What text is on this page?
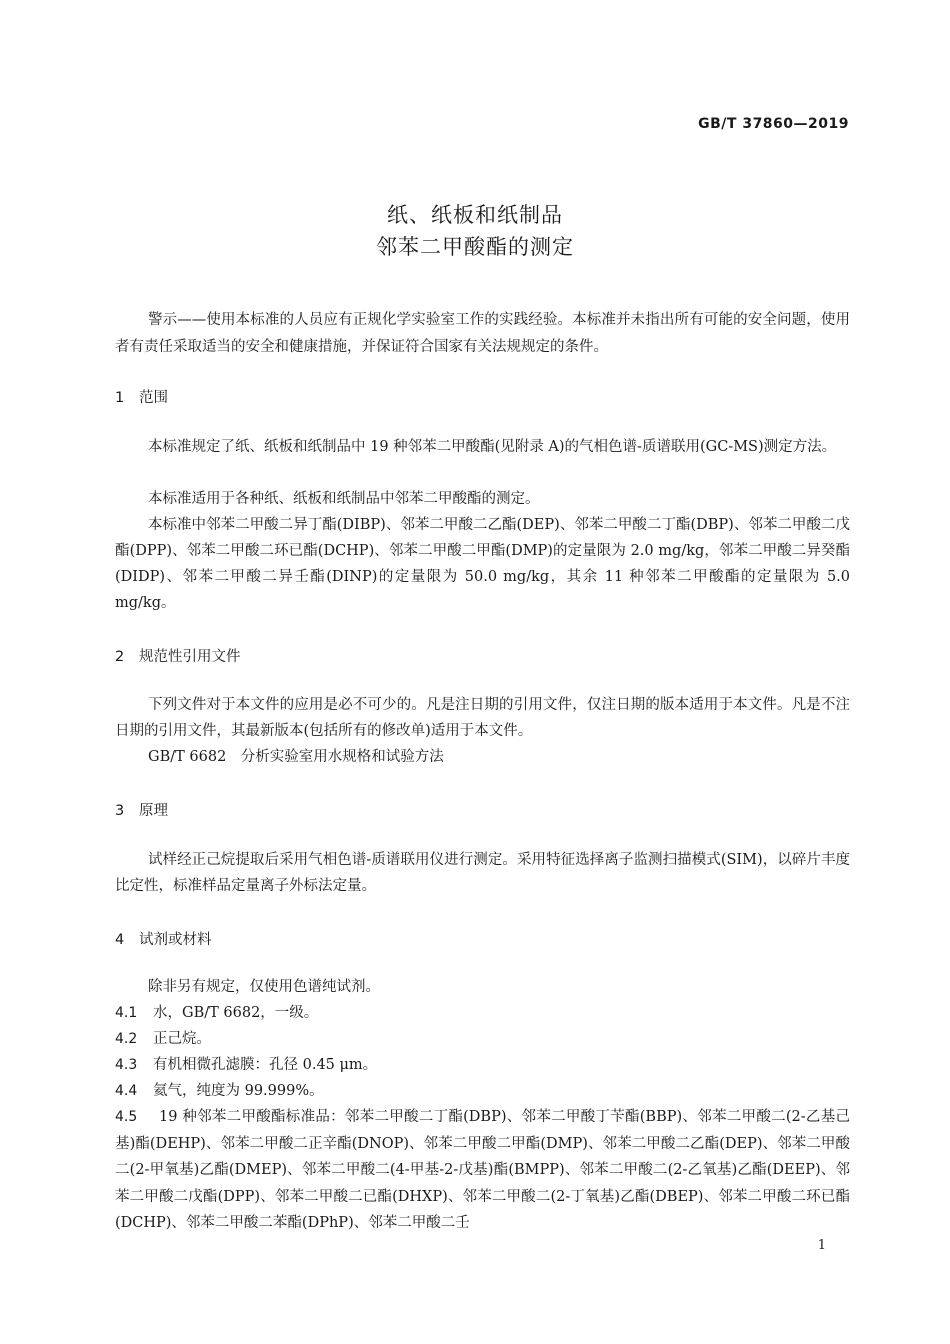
GB/T 37860—2019
纸、纸板和纸制品
邻苯二甲酸酯的测定
警示——使用本标准的人员应有正规化学实验室工作的实践经验。本标准并未指出所有可能的安全问题，使用者有责任采取适当的安全和健康措施，并保证符合国家有关法规规定的条件。
1 范围
本标准规定了纸、纸板和纸制品中 19 种邻苯二甲酸酯(见附录 A)的气相色谱-质谱联用(GC-MS)测定方法。
本标准适用于各种纸、纸板和纸制品中邻苯二甲酸酯的测定。
本标准中邻苯二甲酸二异丁酯(DIBP)、邻苯二甲酸二乙酯(DEP)、邻苯二甲酸二丁酯(DBP)、邻苯二甲酸二戊酯(DPP)、邻苯二甲酸二环已酯(DCHP)、邻苯二甲酸二甲酯(DMP)的定量限为 2.0 mg/kg，邻苯二甲酸二异癸酯(DIDP)、邻苯二甲酸二异壬酯(DINP)的定量限为 50.0 mg/kg，其余 11 种邻苯二甲酸酯的定量限为 5.0 mg/kg。
2 规范性引用文件
下列文件对于本文件的应用是必不可少的。凡是注日期的引用文件，仅注日期的版本适用于本文件。凡是不注日期的引用文件，其最新版本(包括所有的修改单)适用于本文件。
GB/T 6682　分析实验室用水规格和试验方法
3 原理
试样经正己烷提取后采用气相色谱-质谱联用仪进行测定。采用特征选择离子监测扫描模式(SIM)，以碎片丰度比定性，标准样品定量离子外标法定量。
4 试剂或材料
除非另有规定，仅使用色谱纯试剂。
4.1 水，GB/T 6682，一级。
4.2 正己烷。
4.3 有机相微孔滤膜：孔径 0.45 μm。
4.4 氦气，纯度为 99.999%。
4.5 19 种邻苯二甲酸酯标准品：邻苯二甲酸二丁酯(DBP)、邻苯二甲酸丁苄酯(BBP)、邻苯二甲酸二(2-乙基己基)酯(DEHP)、邻苯二甲酸二正辛酯(DNOP)、邻苯二甲酸二甲酯(DMP)、邻苯二甲酸二乙酯(DEP)、邻苯二甲酸二(2-甲氧基)乙酯(DMEP)、邻苯二甲酸二(4-甲基-2-戊基)酯(BMPP)、邻苯二甲酸二(2-乙氧基)乙酯(DEEP)、邻苯二甲酸二戊酯(DPP)、邻苯二甲酸二已酯(DHXP)、邻苯二甲酸二(2-丁氧基)乙酯(DBEP)、邻苯二甲酸二环已酯(DCHP)、邻苯二甲酸二苯酯(DPhP)、邻苯二甲酸二壬
1
